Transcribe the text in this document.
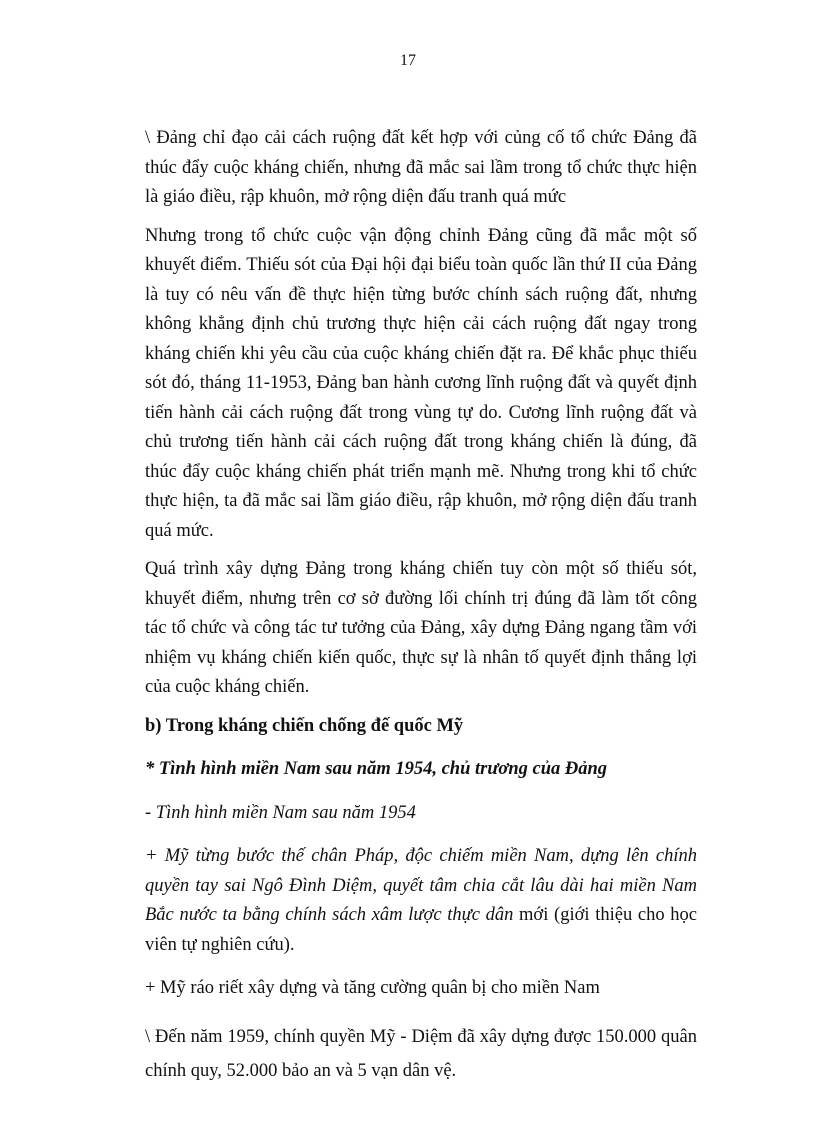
17

\ Đảng chỉ đạo cải cách ruộng đất kết hợp với củng cố tổ chức Đảng đã thúc đẩy cuộc kháng chiến, nhưng đã mắc sai lầm trong tổ chức thực hiện là giáo điều, rập khuôn, mở rộng diện đấu tranh quá mức

Nhưng trong tổ chức cuộc vận động chỉnh Đảng cũng đã mắc một số khuyết điểm. Thiếu sót của Đại hội đại biểu toàn quốc lần thứ II của Đảng là tuy có nêu vấn đề thực hiện từng bước chính sách ruộng đất, nhưng không khẳng định chủ trương thực hiện cải cách ruộng đất ngay trong kháng chiến khi yêu cầu của cuộc kháng chiến đặt ra. Để khắc phục thiếu sót đó, tháng 11-1953, Đảng ban hành cương lĩnh ruộng đất và quyết định tiến hành cải cách ruộng đất trong vùng tự do. Cương lĩnh ruộng đất và chủ trương tiến hành cải cách ruộng đất trong kháng chiến là đúng, đã thúc đẩy cuộc kháng chiến phát triển mạnh mẽ. Nhưng trong khi tổ chức thực hiện, ta đã mắc sai lầm giáo điều, rập khuôn, mở rộng diện đấu tranh quá mức.

Quá trình xây dựng Đảng trong kháng chiến tuy còn một số thiếu sót, khuyết điểm, nhưng trên cơ sở đường lối chính trị đúng đã làm tốt công tác tổ chức và công tác tư tưởng của Đảng, xây dựng Đảng ngang tầm với nhiệm vụ kháng chiến kiến quốc, thực sự là nhân tố quyết định thắng lợi của cuộc kháng chiến.

b) Trong kháng chiến chống đế quốc Mỹ
* Tình hình miền Nam sau năm 1954, chủ trương của Đảng
- Tình hình miền Nam sau năm 1954

+ Mỹ từng bước thế chân Pháp, độc chiếm miền Nam, dựng lên chính quyền tay sai Ngô Đình Diệm, quyết tâm chia cắt lâu dài hai miền Nam Bắc nước ta bằng chính sách xâm lược thực dân mới (giới thiệu cho học viên tự nghiên cứu).

+ Mỹ ráo riết xây dựng và tăng cường quân bị cho miền Nam

\ Đến năm 1959, chính quyền Mỹ - Diệm đã xây dựng được 150.000 quân chính quy, 52.000 bảo an và 5 vạn dân vệ.
